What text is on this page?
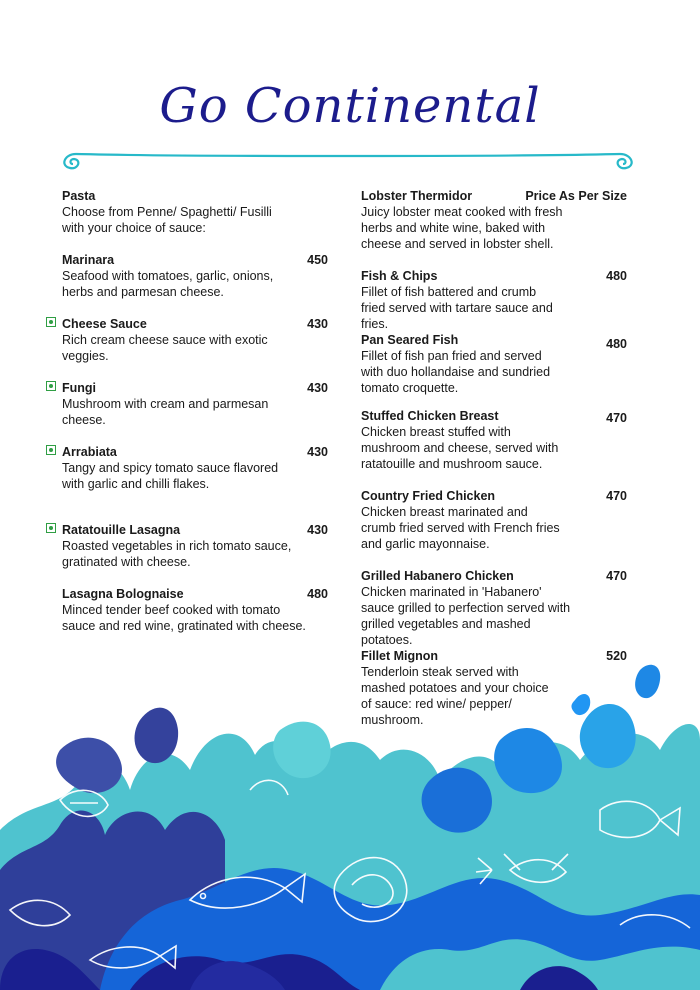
Go Continental
Pasta
Choose from Penne/ Spaghetti/ Fusilli with your choice of sauce:
Marinara	450
Seafood with tomatoes, garlic, onions, herbs and parmesan cheese.
Cheese Sauce	430
Rich cream cheese sauce with exotic veggies.
Fungi	430
Mushroom with cream and parmesan cheese.
Arrabiata	430
Tangy and spicy tomato sauce flavored with garlic and chilli flakes.
Ratatouille Lasagna	430
Roasted vegetables in rich tomato sauce, gratinated with cheese.
Lasagna Bolognaise	480
Minced tender beef cooked with tomato sauce and red wine, gratinated with cheese.
Lobster Thermidor	Price As Per Size
Juicy lobster meat cooked with fresh herbs and white wine, baked with cheese and served in lobster shell.
Fish & Chips	480
Fillet of fish battered and crumb fried served with tartare sauce and fries.
Pan Seared Fish	480
Fillet of fish pan fried and served with duo hollandaise and sundried tomato croquette.
Stuffed Chicken Breast	470
Chicken breast stuffed with mushroom and cheese, served with ratatouille and mushroom sauce.
Country Fried Chicken	470
Chicken breast marinated and crumb fried served with French fries and garlic mayonnaise.
Grilled Habanero Chicken	470
Chicken marinated in 'Habanero' sauce grilled to perfection served with grilled vegetables and mashed potatoes.
Fillet Mignon	520
Tenderloin steak served with mashed potatoes and your choice of sauce: red wine/ pepper/ mushroom.
